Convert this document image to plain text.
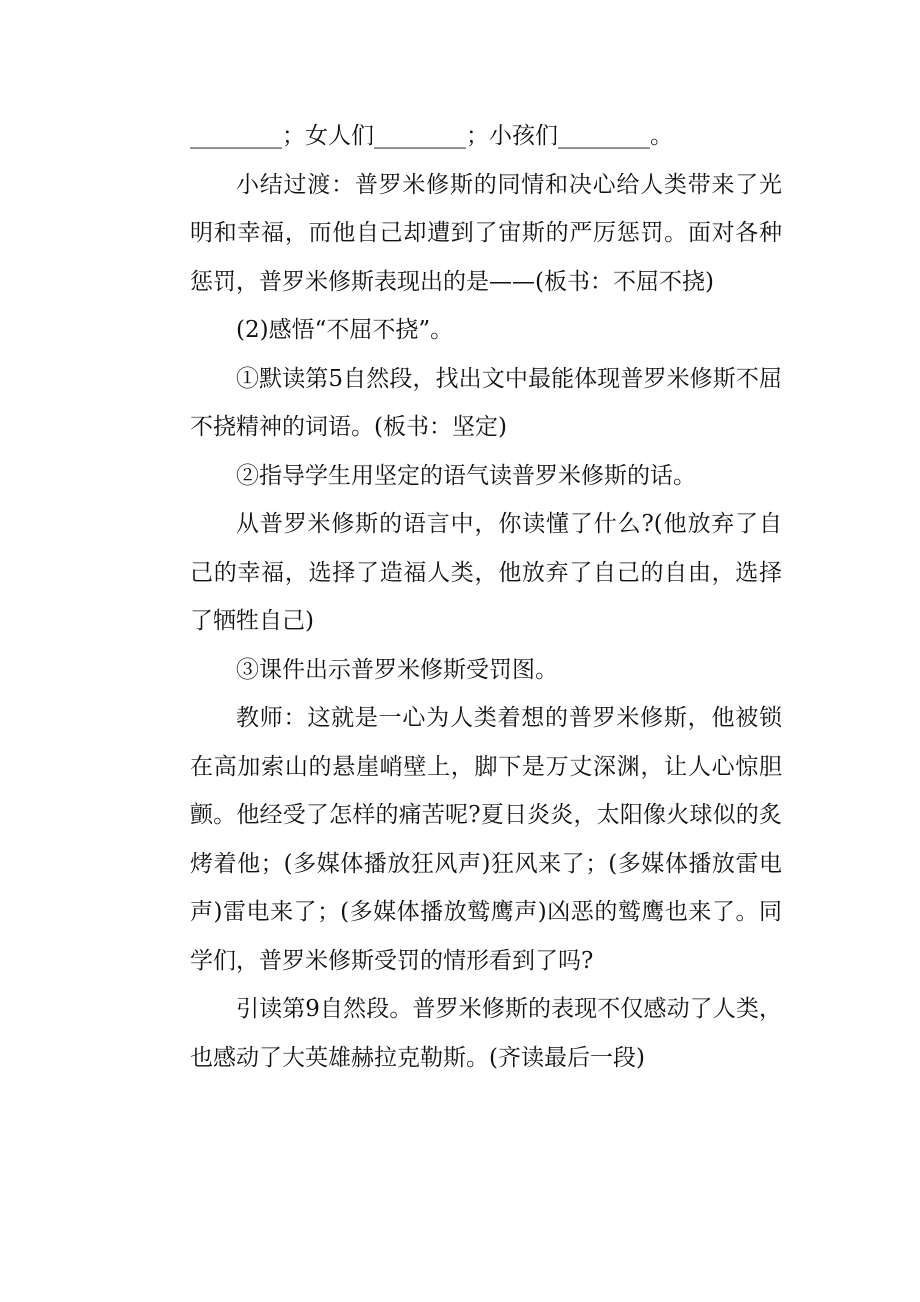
________；女人们________；小孩们________。

小结过渡：普罗米修斯的同情和决心给人类带来了光明和幸福，而他自己却遭到了宙斯的严厉惩罚。面对各种惩罚，普罗米修斯表现出的是——(板书：不屈不挠)

(2)感悟“不屈不挠”。

①默读第5自然段，找出文中最能体现普罗米修斯不屈不挠精神的词语。(板书：坚定)

②指导学生用坚定的语气读普罗米修斯的话。

从普罗米修斯的语言中，你读懂了什么?(他放弃了自己的幸福，选择了造福人类，他放弃了自己的自由，选择了牺牲自己)

③课件出示普罗米修斯受罚图。

教师：这就是一心为人类着想的普罗米修斯，他被锁在高加索山的悬崖峭壁上，脚下是万丈深渊，让人心惊胆颤。他经受了怎样的痛苦呢?夏日炎炎，太阳像火球似的炙烤着他；(多媒体播放狂风声)狂风来了；(多媒体播放雷电声)雷电来了；(多媒体播放鹫鹰声)凶恶的鹫鹰也来了。同学们，普罗米修斯受罚的情形看到了吗?

引读第9自然段。普罗米修斯的表现不仅感动了人类，也感动了大英雄赫拉克勒斯。(齐读最后一段)
